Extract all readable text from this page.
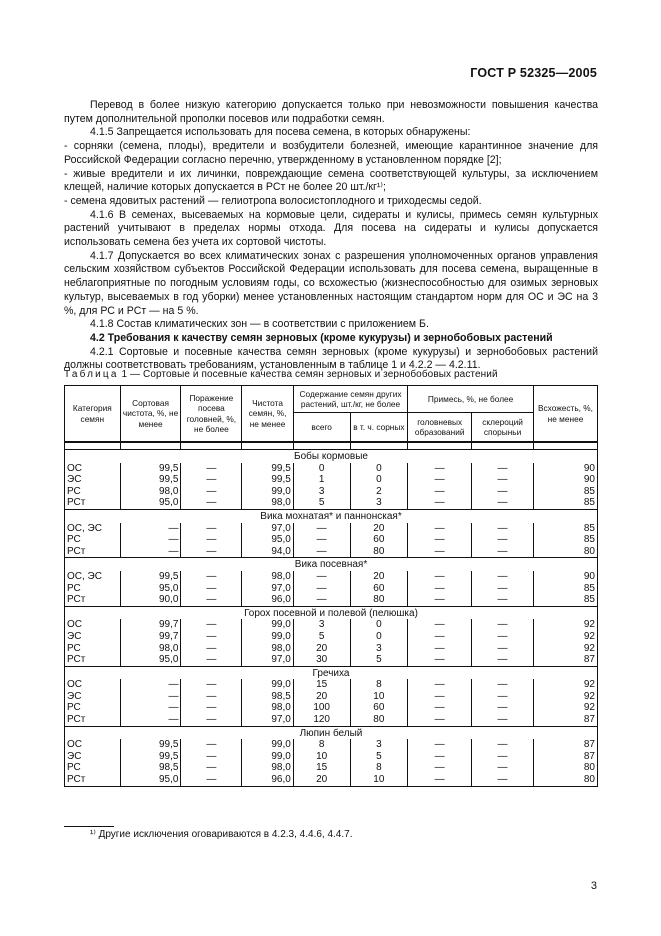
ГОСТ Р 52325—2005

Перевод в более низкую категорию допускается только при невозможности повышения качества путем дополнительной прополки посевов или подработки семян.

4.1.5 Запрещается использовать для посева семена, в которых обнаружены:

- сорняки (семена, плоды), вредители и возбудители болезней, имеющие карантинное значение для Российской Федерации согласно перечню, утвержденному в установленном порядке [2];

- живые вредители и их личинки, повреждающие семена соответствующей культуры, за исключением клещей, наличие которых допускается в РСт не более 20 шт./кг¹⁾;

- семена ядовитых растений — гелиотропа волосистоплодного и триходесмы седой.

4.1.6 В семенах, высеваемых на кормовые цели, сидераты и кулисы, примесь семян культурных растений учитывают в пределах нормы отхода. Для посева на сидераты и кулисы допускается использовать семена без учета их сортовой чистоты.

4.1.7 Допускается во всех климатических зонах с разрешения уполномоченных органов управления сельским хозяйством субъектов Российской Федерации использовать для посева семена, выращенные в неблагоприятные по погодным условиям годы, со всхожестью (жизнеспособностью для озимых зерновых культур, высеваемых в год уборки) менее установленных настоящим стандартом норм для ОС и ЭС на 3 %, для РС и РСт — на 5 %.

4.1.8 Состав климатических зон — в соответствии с приложением Б.

4.2 Требования к качеству семян зерновых (кроме кукурузы) и зернобобовых растений

4.2.1 Сортовые и посевные качества семян зерновых (кроме кукурузы) и зернобобовых растений должны соответствовать требованиям, установленным в таблице 1 и 4.2.2 — 4.2.11.

Таблица 1 — Сортовые и посевные качества семян зерновых и зернобобовых растений
Категория семян	Сортовая чистота, %, не менее	Поражение посева головней, %, не более	Чистота семян, %, не менее	Содержание семян других растений, шт./кг, не более		Примесь, %, не более		Всхожесть, %, не менее
				всего	в т. ч. сорных	головневых образований	склероций спорыньи	

Бобы кормовые								
ОС	99,5	—	99,5	0	0	—	—	90
ЭС	99,5	—	99,5	1	0	—	—	90
РС	98,0	—	99,0	3	2	—	—	85
РСт	95,0	—	98,0	5	3	—	—	85
Вика мохнатая* и паннонская*								
ОС, ЭС	—	—	97,0	—	20	—	—	85
РС	—	—	95,0	—	60	—	—	85
РСт	—	—	94,0	—	80	—	—	80
Вика посевная*								
ОС, ЭС	99,5	—	98,0	—	20	—	—	90
РС	95,0	—	97,0	—	60	—	—	85
РСт	90,0	—	96,0	—	80	—	—	85
Горох посевной и полевой (пелюшка)								
ОС	99,7	—	99,0	3	0	—	—	92
ЭС	99,7	—	99,0	5	0	—	—	92
РС	98,0	—	98,0	20	3	—	—	92
РСт	95,0	—	97,0	30	5	—	—	87
Гречиха								
ОС	—	—	99,0	15	8	—	—	92
ЭС	—	—	98,5	20	10	—	—	92
РС	—	—	98,0	100	60	—	—	92
РСт	—	—	97,0	120	80	—	—	87
Люпин белый								
ОС	99,5	—	99,0	8	3	—	—	87
ЭС	99,5	—	99,0	10	5	—	—	87
РС	98,5	—	98,0	15	8	—	—	80
РСт	95,0	—	96,0	20	10	—	—	80
¹⁾ Другие исключения оговариваются в 4.2.3, 4.4.6, 4.4.7.
3
